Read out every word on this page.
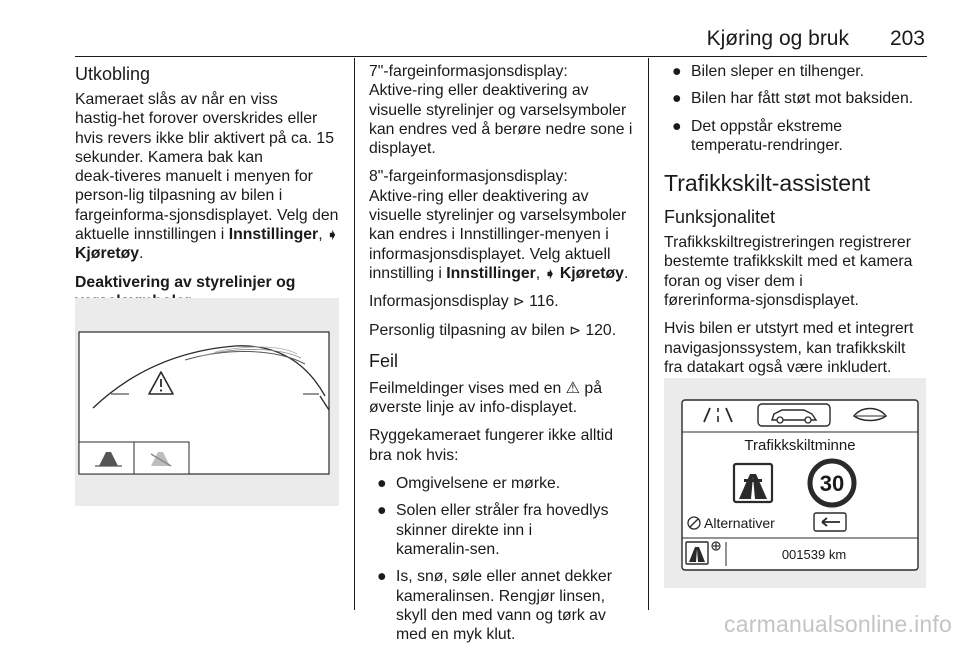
Kjøring og bruk 203
Utkobling

Kameraet slås av når en viss hastig‑het forover overskrides eller hvis revers ikke blir aktivert på ca. 15 sekunder. Kamera bak kan deak‑tiveres manuelt i menyen for person‑lig tilpasning av bilen i fargeinforma‑sjonsdisplayet. Velg den aktuelle innstillingen i Innstillinger, ➧ Kjøretøy.

Deaktivering av styrelinjer og

7"-fargeinformasjonsdisplay: Aktive‑ring eller deaktivering av visuelle styrelinjer og varselsymboler kan endres ved å berøre nedre sone i displayet.

8"-fargeinformasjonsdisplay: Aktive‑ring eller deaktivering av visuelle styrelinjer og varselsymboler kan endres i Innstillinger-menyen i informasjonsdisplayet. Velg aktuell innstilling i Innstillinger, ➧ Kjøretøy.

Informasjonsdisplay ⊳ 116.

Personlig tilpasning av bilen ⊳ 120.

Feil

Feilmeldinger vises med en ⚠ på øverste linje av info-displayet.

Ryggekameraet fungerer ikke alltid bra nok hvis:

● Omgivelsene er mørke.
● Solen eller stråler fra hovedlys skinner direkte inn i kameralin‑sen.
● Is, snø, søle eller annet dekker kameralinsen. Rengjør linsen, skyll den med vann og tørk av med en myk klut.
● Bilen sleper en tilhenger.
● Bilen har fått støt mot baksiden.
● Det oppstår ekstreme temperatu‑rendringer.
Trafikkskilt-assistent
Funksjonalitet

Trafikkskiltregistreringen registrerer bestemte trafikkskilt med et kamera foran og viser dem i førerinforma‑sjonsdisplayet.

Hvis bilen er utstyrt med et integrert navigasjonssystem, kan trafikkskilt fra datakart også være inkludert.

Trafikkskiltminne
30
Alternativer
001539 km
carmanualsonline.info
